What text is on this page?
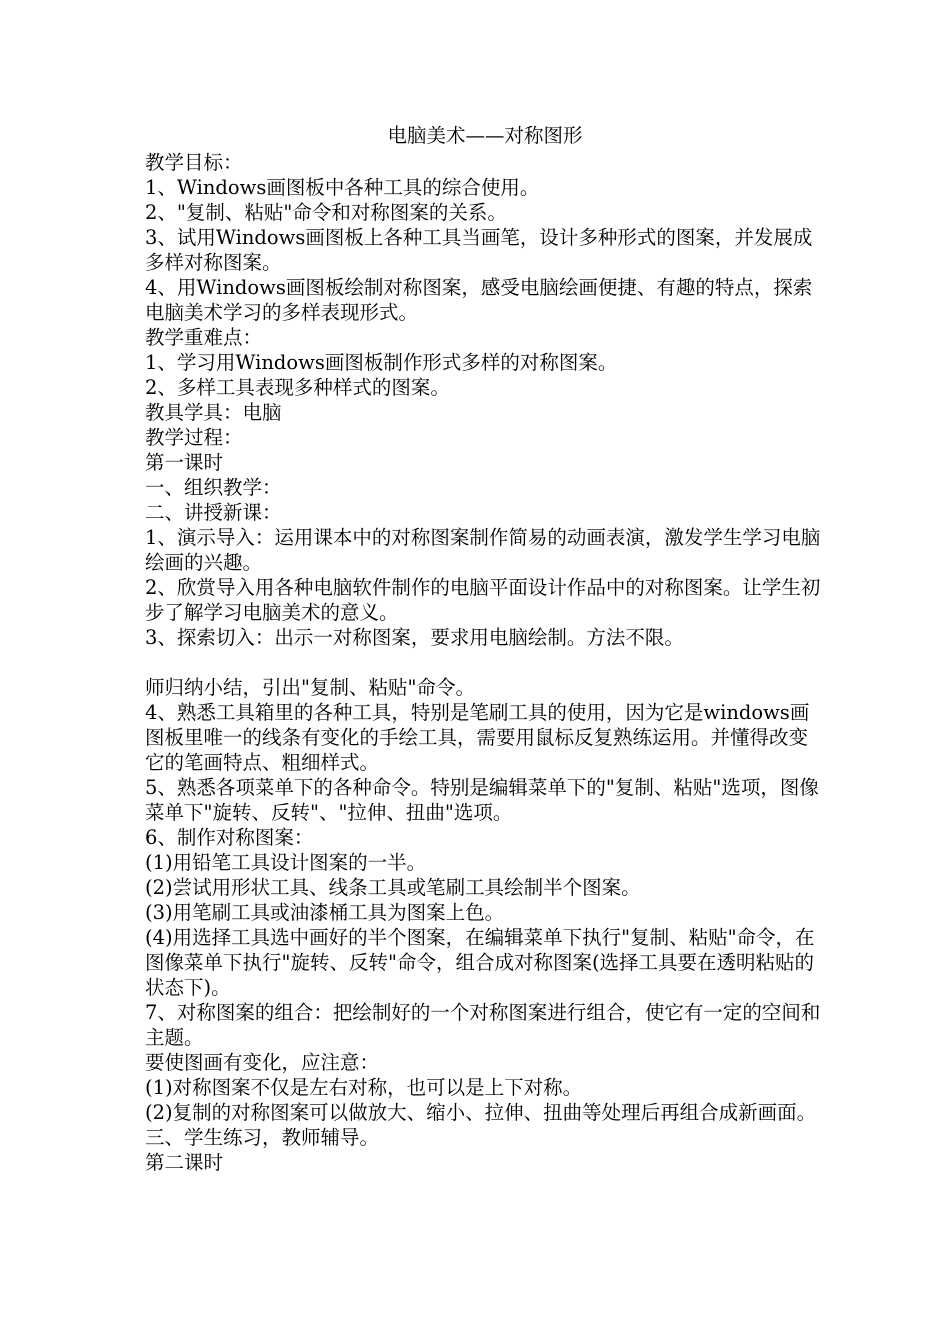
电脑美术——对称图形

教学目标：

1、Windows画图板中各种工具的综合使用。

2、"复制、粘贴"命令和对称图案的关系。

3、试用Windows画图板上各种工具当画笔，设计多种形式的图案，并发展成多样对称图案。

4、用Windows画图板绘制对称图案，感受电脑绘画便捷、有趣的特点，探索电脑美术学习的多样表现形式。

教学重难点：

1、学习用Windows画图板制作形式多样的对称图案。

2、多样工具表现多种样式的图案。

教具学具：电脑

教学过程：

第一课时

一、组织教学：

二、讲授新课：

1、演示导入：运用课本中的对称图案制作简易的动画表演，激发学生学习电脑绘画的兴趣。

2、欣赏导入用各种电脑软件制作的电脑平面设计作品中的对称图案。让学生初步了解学习电脑美术的意义。

3、探索切入：出示一对称图案，要求用电脑绘制。方法不限。

师归纳小结，引出"复制、粘贴"命令。

4、熟悉工具箱里的各种工具，特别是笔刷工具的使用，因为它是windows画图板里唯一的线条有变化的手绘工具，需要用鼠标反复熟练运用。并懂得改变它的笔画特点、粗细样式。

5、熟悉各项菜单下的各种命令。特别是编辑菜单下的"复制、粘贴"选项，图像菜单下"旋转、反转"、"拉伸、扭曲"选项。

6、制作对称图案：

(1)用铅笔工具设计图案的一半。

(2)尝试用形状工具、线条工具或笔刷工具绘制半个图案。

(3)用笔刷工具或油漆桶工具为图案上色。

(4)用选择工具选中画好的半个图案，在编辑菜单下执行"复制、粘贴"命令，在图像菜单下执行"旋转、反转"命令，组合成对称图案(选择工具要在透明粘贴的状态下)。

7、对称图案的组合：把绘制好的一个对称图案进行组合，使它有一定的空间和主题。

要使图画有变化，应注意：

(1)对称图案不仅是左右对称，也可以是上下对称。

(2)复制的对称图案可以做放大、缩小、拉伸、扭曲等处理后再组合成新画面。

三、学生练习，教师辅导。

第二课时
